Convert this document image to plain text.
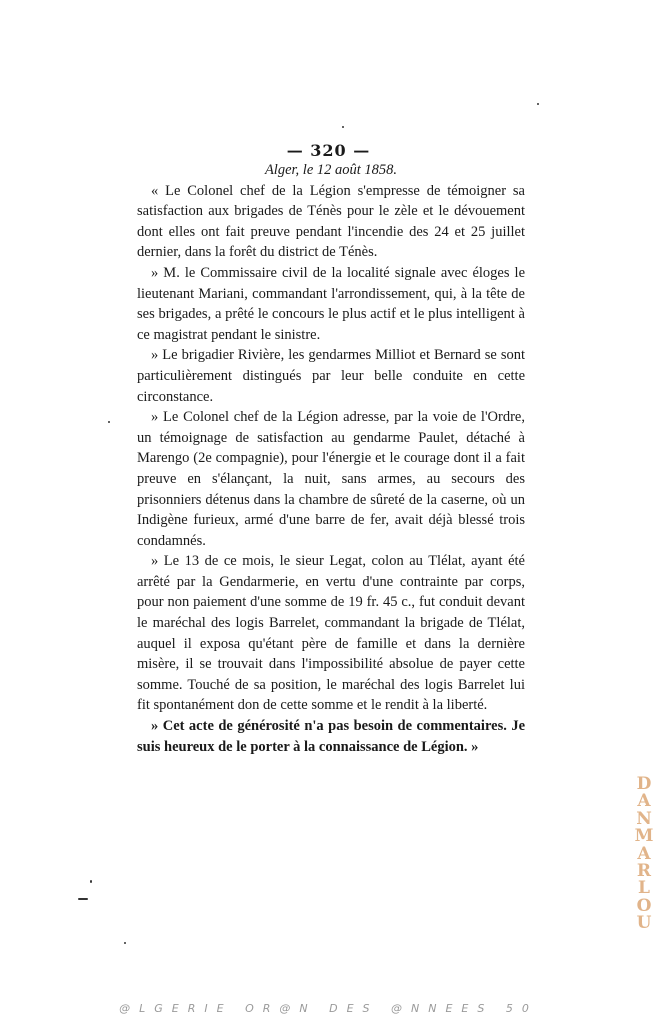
— 320 —

Alger, le 12 août 1858.

« Le Colonel chef de la Légion s'empresse de témoigner sa satisfaction aux brigades de Ténès pour le zèle et le dévouement dont elles ont fait preuve pendant l'incendie des 24 et 25 juillet dernier, dans la forêt du district de Ténès.

» M. le Commissaire civil de la localité signale avec éloges le lieutenant Mariani, commandant l'arrondissement, qui, à la tête de ses brigades, a prêté le concours le plus actif et le plus intelligent à ce magistrat pendant le sinistre.

» Le brigadier Rivière, les gendarmes Milliot et Bernard se sont particulièrement distingués par leur belle conduite en cette circonstance.

» Le Colonel chef de la Légion adresse, par la voie de l'Ordre, un témoignage de satisfaction au gendarme Paulet, détaché à Marengo (2e compagnie), pour l'énergie et le courage dont il a fait preuve en s'élançant, la nuit, sans armes, au secours des prisonniers détenus dans la chambre de sûreté de la caserne, où un Indigène furieux, armé d'une barre de fer, avait déjà blessé trois condamnés.

» Le 13 de ce mois, le sieur Legat, colon au Tlélat, ayant été arrêté par la Gendarmerie, en vertu d'une contrainte par corps, pour non paiement d'une somme de 19 fr. 45 c., fut conduit devant le maréchal des logis Barrelet, commandant la brigade de Tlélat, auquel il exposa qu'étant père de famille et dans la dernière misère, il se trouvait dans l'impossibilité absolue de payer cette somme. Touché de sa position, le maréchal des logis Barrelet lui fit spontanément don de cette somme et le rendit à la liberté.

» Cet acte de générosité n'a pas besoin de commentaires. Je suis heureux de le porter à la connaissance de Légion. »

D
A
N
M
A
R
L
O
U
@LGERIE OR@N DES @NNEES 50
